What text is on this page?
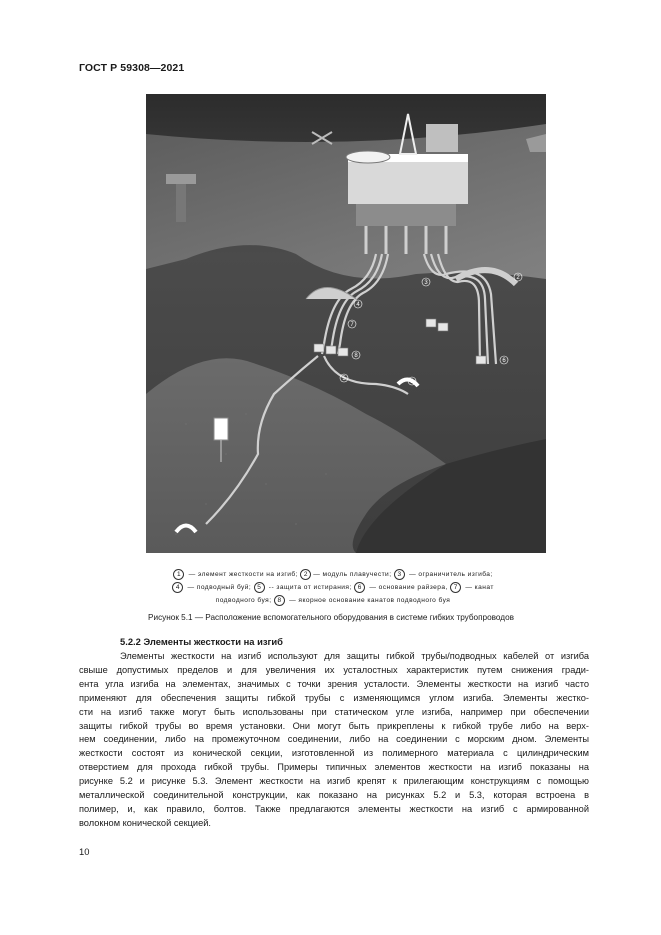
ГОСТ Р 59308—2021
2
3
4
7
8
6
5	1
1 — элемент жесткости на изгиб; 2 — модуль плавучести; 3 — ограничитель изгиба;
4 — подводный буй; 5 -- защита от истирания; 6 — основание райзера, 7 — канат
подводного буя; 8 — якорное основание канатов подводного буя
Рисунок 5.1 — Расположение вспомогательного оборудования в системе гибких трубопроводов
5.2.2 Элементы жесткости на изгиб
Элементы жесткости на изгиб используют для защиты гибкой трубы/подводных кабелей от изгиба
свыше допустимых пределов и для увеличения их усталостных характеристик путем снижения гради-
ента угла изгиба на элементах, значимых с точки зрения усталости. Элементы жесткости на изгиб часто
применяют для обеспечения защиты гибкой трубы с изменяющимся углом изгиба. Элементы жестко-
сти на изгиб также могут быть использованы при статическом угле изгиба, например при обеспечении
защиты гибкой трубы во время установки. Они могут быть прикреплены к гибкой трубе либо на верх-
нем соединении, либо на промежуточном соединении, либо на соединении с морским дном. Элементы
жесткости состоят из конической секции, изготовленной из полимерного материала с цилиндрическим
отверстием для прохода гибкой трубы. Примеры типичных элементов жесткости на изгиб показаны на
рисунке 5.2 и рисунке 5.3. Элемент жесткости на изгиб крепят к прилегающим конструкциям с помощью
металлической соединительной конструкции, как показано на рисунках 5.2 и 5.3, которая встроена в
полимер, и, как правило, болтов. Также предлагаются элементы жесткости на изгиб с армированной
волокном конической секцией.
10
